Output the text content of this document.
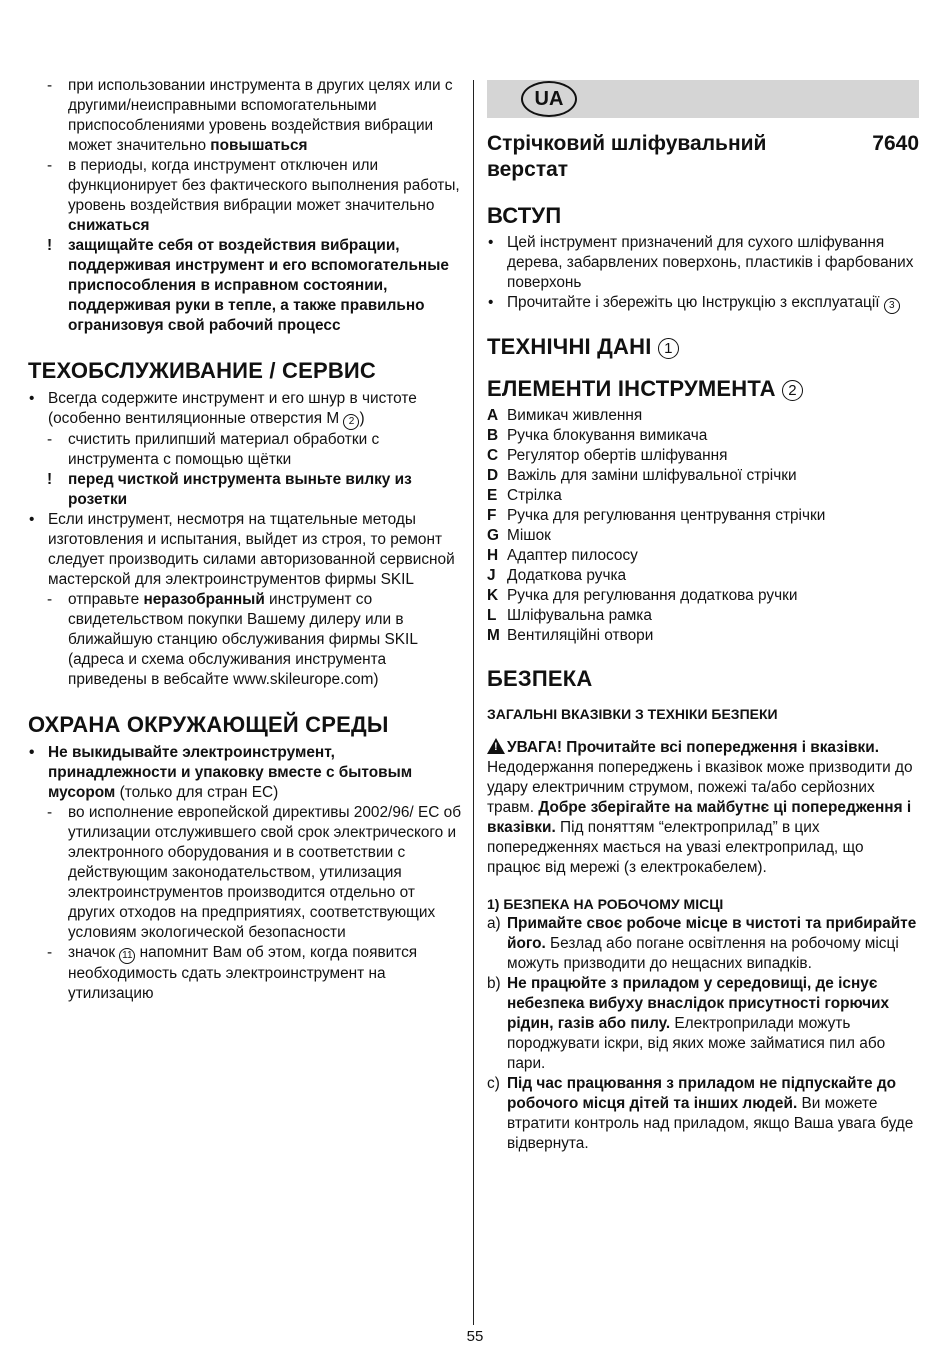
- при использовании инструмента в других целях или с другими/неисправными вспомогательными приспособлениями уровень воздействия вибрации может значительно повышаться
- в периоды, когда инструмент отключен или функционирует без фактического выполнения работы, уровень воздействия вибрации может значительно снижаться
! защищайте себя от воздействия вибрации, поддерживая инструмент и его вспомогательные приспособления в исправном состоянии, поддерживая руки в тепле, а также правильно огранизовуя свой рабочий процесс
ТЕХОБСЛУЖИВАНИЕ / СЕРВИС
• Всегда содержите инструмент и его шнур в чистоте (особенно вентиляционные отверстия M 2 )
- счистить прилипший материал обработки с инструмента с помощью щётки
! перед чисткой инструмента выньте вилку из розетки
• Если инструмент, несмотря на тщательные методы изготовления и испытания, выйдет из строя, то ремонт следует производить силами авторизованной сервисной мастерской для электроинструментов фирмы SKIL
- отправьте неразобранный инструмент со свидетельством покупки Вашему дилеру или в ближайшую станцию обслуживания фирмы SKIL (адреса и схема обслуживания инструмента приведены в вебсайте www.skileurope.com)
ОХРАНА ОКРУЖАЮЩЕЙ СРЕДЫ
• Не выкидывайте электроинструмент, принадлежности и упаковку вместе с бытовым мусором (только для стран ЕС)
- во исполнение европейской директивы 2002/96/ ЕС об утилизации отслужившего свой срок электрического и электронного оборудования и в соответствии с действующим законодательством, утилизация электроинструментов производится отдельно от других отходов на предприятиях, соответствующих условиям экологической безопасности
- значок 11 напомнит Вам об этом, когда появится необходимость сдать электроинструмент на утилизацию
UA
Стрічковий шліфувальний верстат
7640
ВСТУП
• Цей інструмент призначений для сухого шліфування дерева, забарвлених поверхонь, пластиків і фарбованих поверхонь
• Прочитайте і збережіть цю Інструкцію з експлуатації 3
ТЕХНІЧНІ ДАНІ 1
ЕЛЕМЕНТИ ІНСТРУМЕНТА 2
A Вимикач живлення
B Ручка блокування вимикача
C Регулятор обертів шліфування
D Важіль для заміни шліфувальної стрічки
E Стрілка
F Ручка для регулювання центрування стрічки
G Мішок
H Адаптер пилососу
J Додаткова ручка
K Ручка для регулювання додаткова ручки
L Шліфувальна рамка
M Вентиляційні отвори
БЕЗПЕКА
ЗАГАЛЬНІ ВКАЗІВКИ З ТЕХНІКИ БЕЗПЕКИ
! УВАГА! Прочитайте всі попередження і вказівки. Недодержання попереджень і вказівок може призводити до удару електричним струмом, пожежі та/або серйозних травм. Добре зберігайте на майбутнє ці попередження і вказівки. Під поняттям “електроприлад” в цих попередженнях мається на увазі електроприлад, що працює від мережі (з електрокабелем).
1) БЕЗПЕКА НА РОБОЧОМУ МІСЦІ
a) Примайте своє робоче місце в чистоті та прибирайте його. Безлад або погане освітлення на робочому місці можуть призводити до нещасних випадків.
b) Не працюйте з приладом у середовищі, де існує небезпека вибуху внаслідок присутності горючих рідин, газів або пилу. Електроприлади можуть породжувати іскри, від яких може займатися пил або пари.
c) Під час працювання з приладом не підпускайте до робочого місця дітей та інших людей. Ви можете втратити контроль над приладом, якщо Ваша увага буде відвернута.
55
